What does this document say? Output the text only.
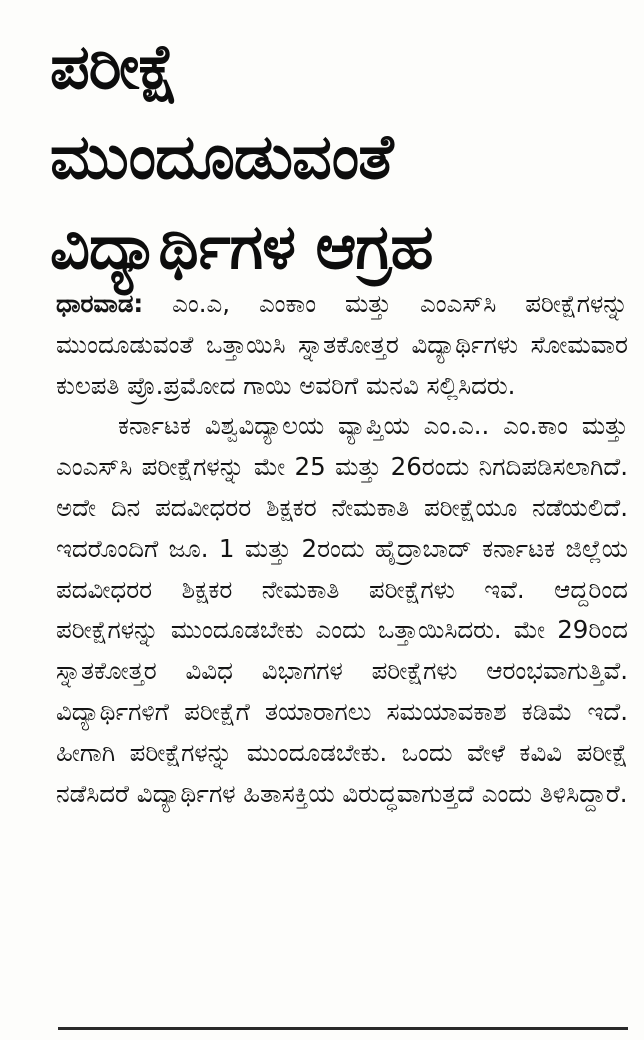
ಪರೀಕ್ಷೆ
ಮುಂದೂಡುವಂತೆ
ವಿದ್ಯಾರ್ಥಿಗಳ ಆಗ್ರಹ

ಧಾರವಾಡ: ಎಂ.ಎ, ಎಂಕಾಂ ಮತ್ತು ಎಂಎಸ್‌ಸಿ ಪರೀಕ್ಷೆಗಳನ್ನು ಮುಂದೂಡುವಂತೆ ಒತ್ತಾಯಿಸಿ ಸ್ನಾತಕೋತ್ತರ ವಿದ್ಯಾರ್ಥಿಗಳು ಸೋಮವಾರ ಕುಲಪತಿ ಪ್ರೊ.ಪ್ರಮೋದ ಗಾಯಿ ಅವರಿಗೆ ಮನವಿ ಸಲ್ಲಿಸಿದರು.

ಕರ್ನಾಟಕ ವಿಶ್ವವಿದ್ಯಾಲಯ ವ್ಯಾಪ್ತಿಯ ಎಂ.ಎ.. ಎಂ.ಕಾಂ ಮತ್ತು ಎಂಎಸ್‌ಸಿ ಪರೀಕ್ಷೆಗಳನ್ನು ಮೇ 25 ಮತ್ತು 26ರಂದು ನಿಗದಿಪಡಿಸಲಾಗಿದೆ. ಅದೇ ದಿನ ಪದವೀಧರರ ಶಿಕ್ಷಕರ ನೇಮಕಾತಿ ಪರೀಕ್ಷೆಯೂ ನಡೆಯಲಿದೆ. ಇದರೊಂದಿಗೆ ಜೂ. 1 ಮತ್ತು 2ರಂದು ಹೈದ್ರಾಬಾದ್ ಕರ್ನಾಟಕ ಜಿಲ್ಲೆಯ ಪದವೀಧರರ ಶಿಕ್ಷಕರ ನೇಮಕಾತಿ ಪರೀಕ್ಷೆಗಳು ಇವೆ. ಆದ್ದರಿಂದ ಪರೀಕ್ಷೆಗಳನ್ನು ಮುಂದೂಡಬೇಕು ಎಂದು ಒತ್ತಾಯಿಸಿದರು. ಮೇ 29ರಿಂದ ಸ್ನಾತಕೋತ್ತರ ವಿವಿಧ ವಿಭಾಗಗಳ ಪರೀಕ್ಷೆಗಳು ಆರಂಭವಾಗುತ್ತಿವೆ. ವಿದ್ಯಾರ್ಥಿಗಳಿಗೆ ಪರೀಕ್ಷೆಗೆ ತಯಾರಾಗಲು ಸಮಯಾವಕಾಶ ಕಡಿಮೆ ಇದೆ. ಹೀಗಾಗಿ ಪರೀಕ್ಷೆಗಳನ್ನು ಮುಂದೂಡಬೇಕು. ಒಂದು ವೇಳೆ ಕವಿವಿ ಪರೀಕ್ಷೆ ನಡೆಸಿದರೆ ವಿದ್ಯಾರ್ಥಿಗಳ ಹಿತಾಸಕ್ತಿಯ ವಿರುದ್ಧವಾಗುತ್ತದೆ ಎಂದು ತಿಳಿಸಿದ್ದಾರೆ.
